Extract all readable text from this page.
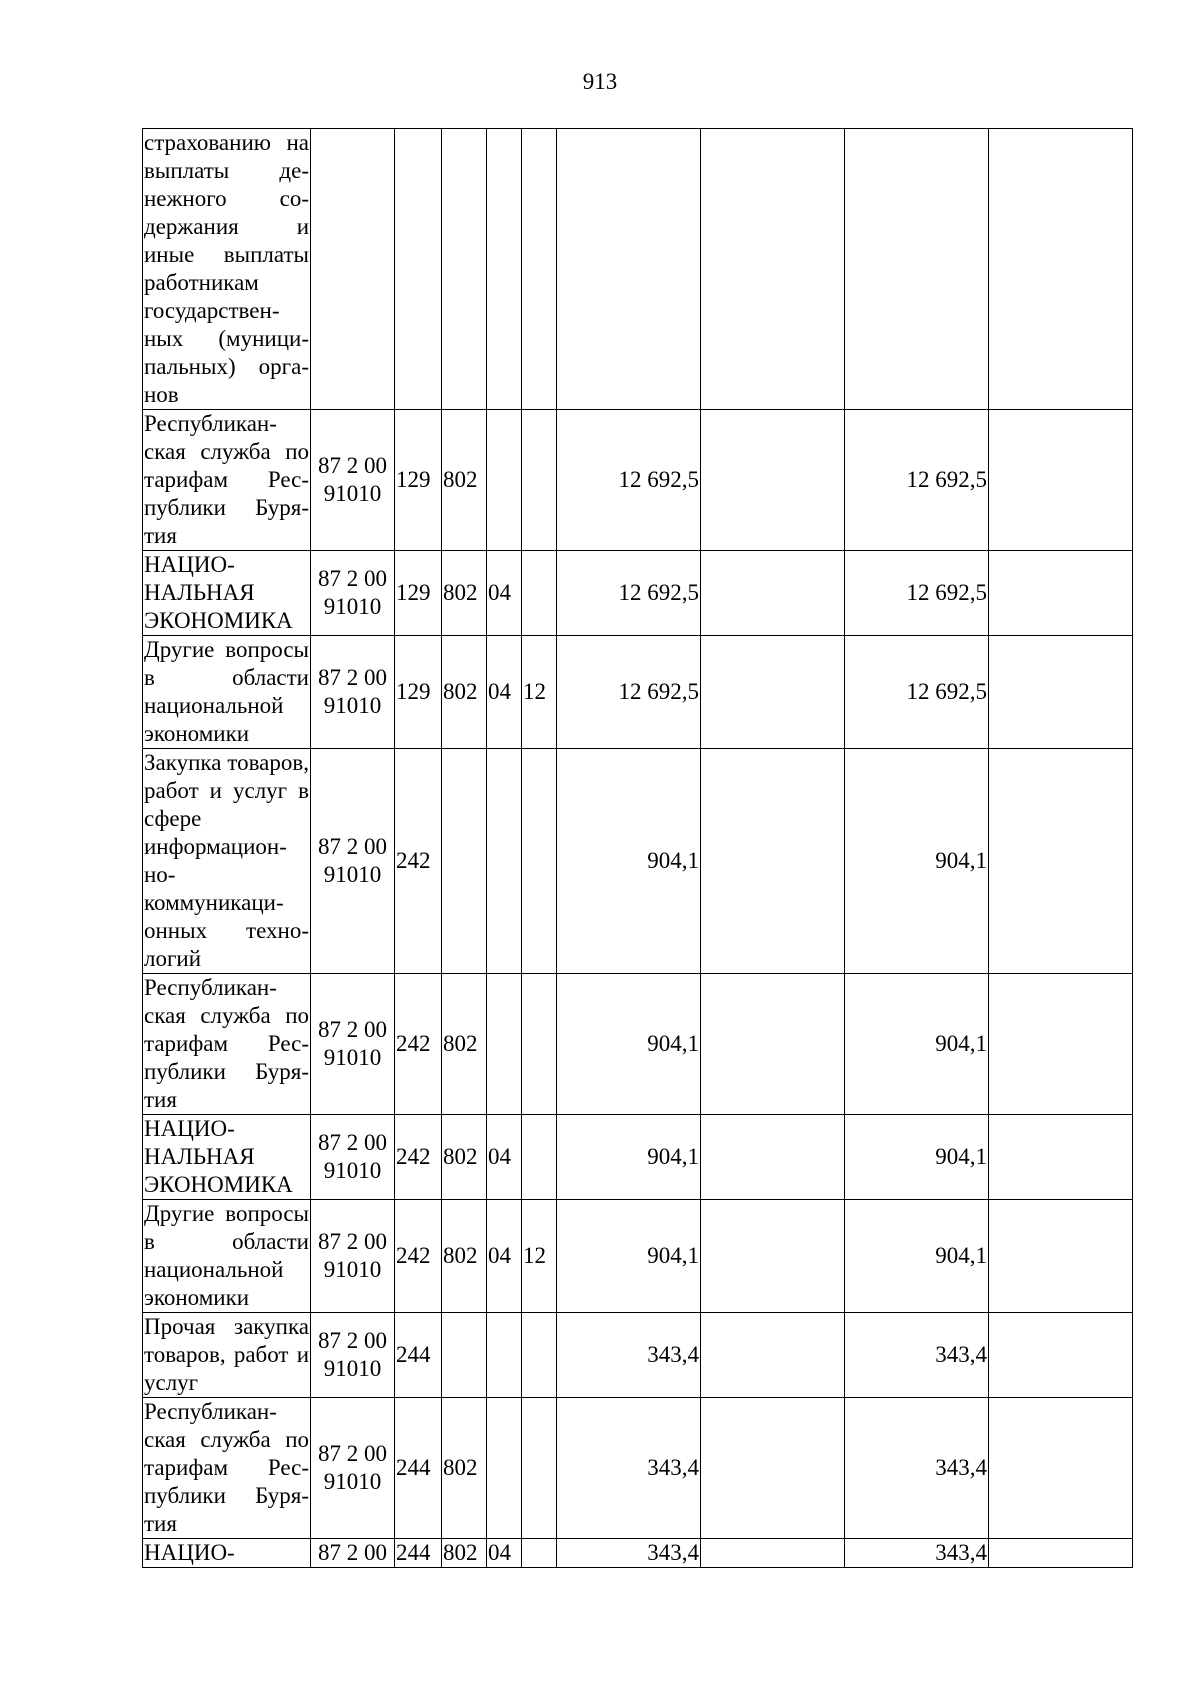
913
страхованию на выплаты денежного содержания и иные выплаты работникам государственных (муниципальных) органов									
Республиканская служба по тарифам Республики Бурятия	87 2 00 91010	129	802			12 692,5		12 692,5	
НАЦИОНАЛЬНАЯ ЭКОНОМИКА	87 2 00 91010	129	802	04		12 692,5		12 692,5	
Другие вопросы в области национальной экономики	87 2 00 91010	129	802	04	12	12 692,5		12 692,5	
Закупка товаров, работ и услуг в сфере информационно-коммуникационных технологий	87 2 00 91010	242				904,1		904,1	
Республиканская служба по тарифам Республики Бурятия	87 2 00 91010	242	802			904,1		904,1	
НАЦИОНАЛЬНАЯ ЭКОНОМИКА	87 2 00 91010	242	802	04		904,1		904,1	
Другие вопросы в области национальной экономики	87 2 00 91010	242	802	04	12	904,1		904,1	
Прочая закупка товаров, работ и услуг	87 2 00 91010	244				343,4		343,4	
Республиканская служба по тарифам Республики Бурятия	87 2 00 91010	244	802			343,4		343,4	
НАЦИО-	87 2 00	244	802	04		343,4		343,4	
